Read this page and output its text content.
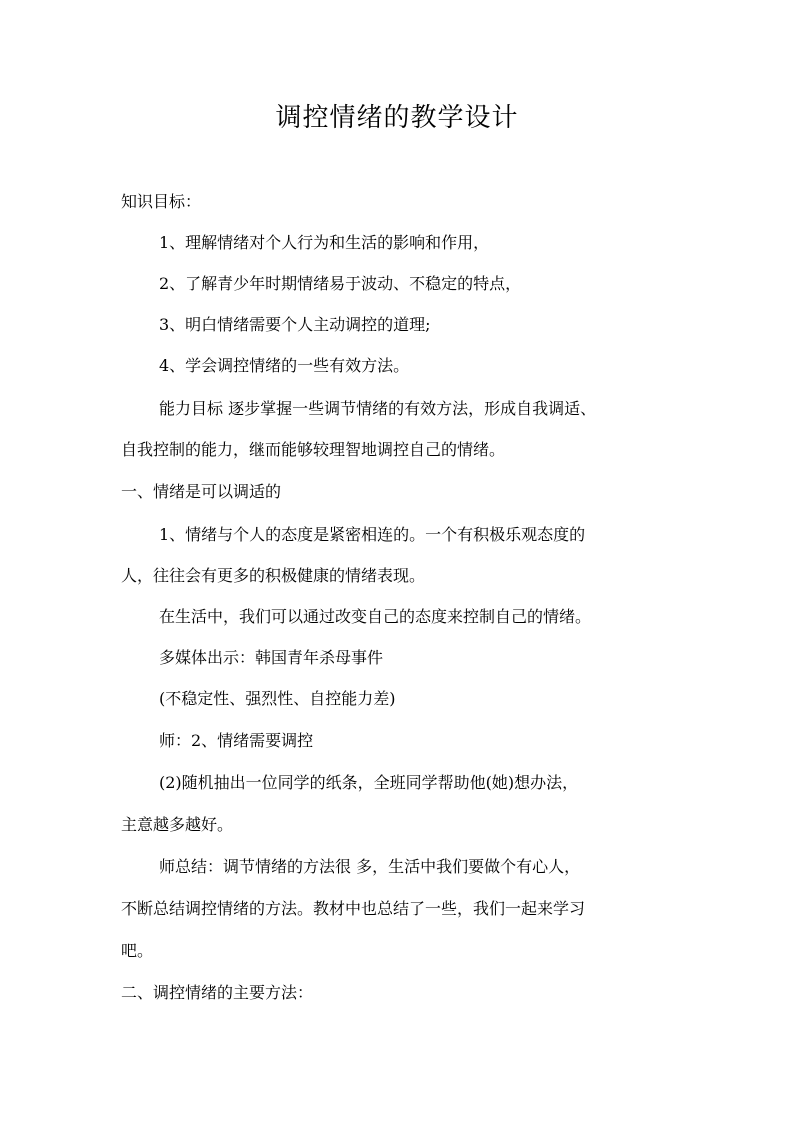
调控情绪的教学设计
知识目标：
1、理解情绪对个人行为和生活的影响和作用，
2、了解青少年时期情绪易于波动、不稳定的特点，
3、明白情绪需要个人主动调控的道理;
4、学会调控情绪的一些有效方法。
能力目标 逐步掌握一些调节情绪的有效方法，形成自我调适、
自我控制的能力，继而能够较理智地调控自己的情绪。
一、情绪是可以调适的
1、情绪与个人的态度是紧密相连的。一个有积极乐观态度的
人，往往会有更多的积极健康的情绪表现。
在生活中，我们可以通过改变自己的态度来控制自己的情绪。
多媒体出示：韩国青年杀母事件
(不稳定性、强烈性、自控能力差)
师：2、情绪需要调控
(2)随机抽出一位同学的纸条，全班同学帮助他(她)想办法，
主意越多越好。
师总结：调节情绪的方法很 多，生活中我们要做个有心人，
不断总结调控情绪的方法。教材中也总结了一些，我们一起来学习
吧。
二、调控情绪的主要方法：
